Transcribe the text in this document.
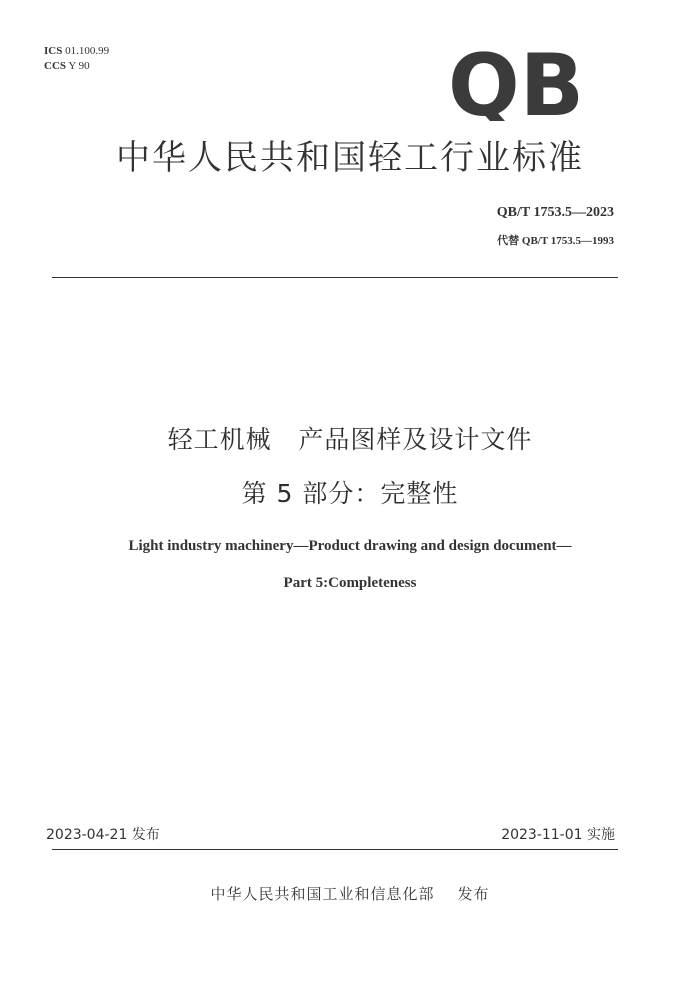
ICS 01.100.99
CCS Y 90	QB
中华人民共和国轻工行业标准
QB/T 1753.5—2023
代替 QB/T 1753.5—1993
轻工机械   产品图样及设计文件
第 5 部分：完整性
Light industry machinery—Product drawing and design document—
Part 5:Completeness
2023-04-21 发布	2023-11-01 实施
中华人民共和国工业和信息化部    发布
